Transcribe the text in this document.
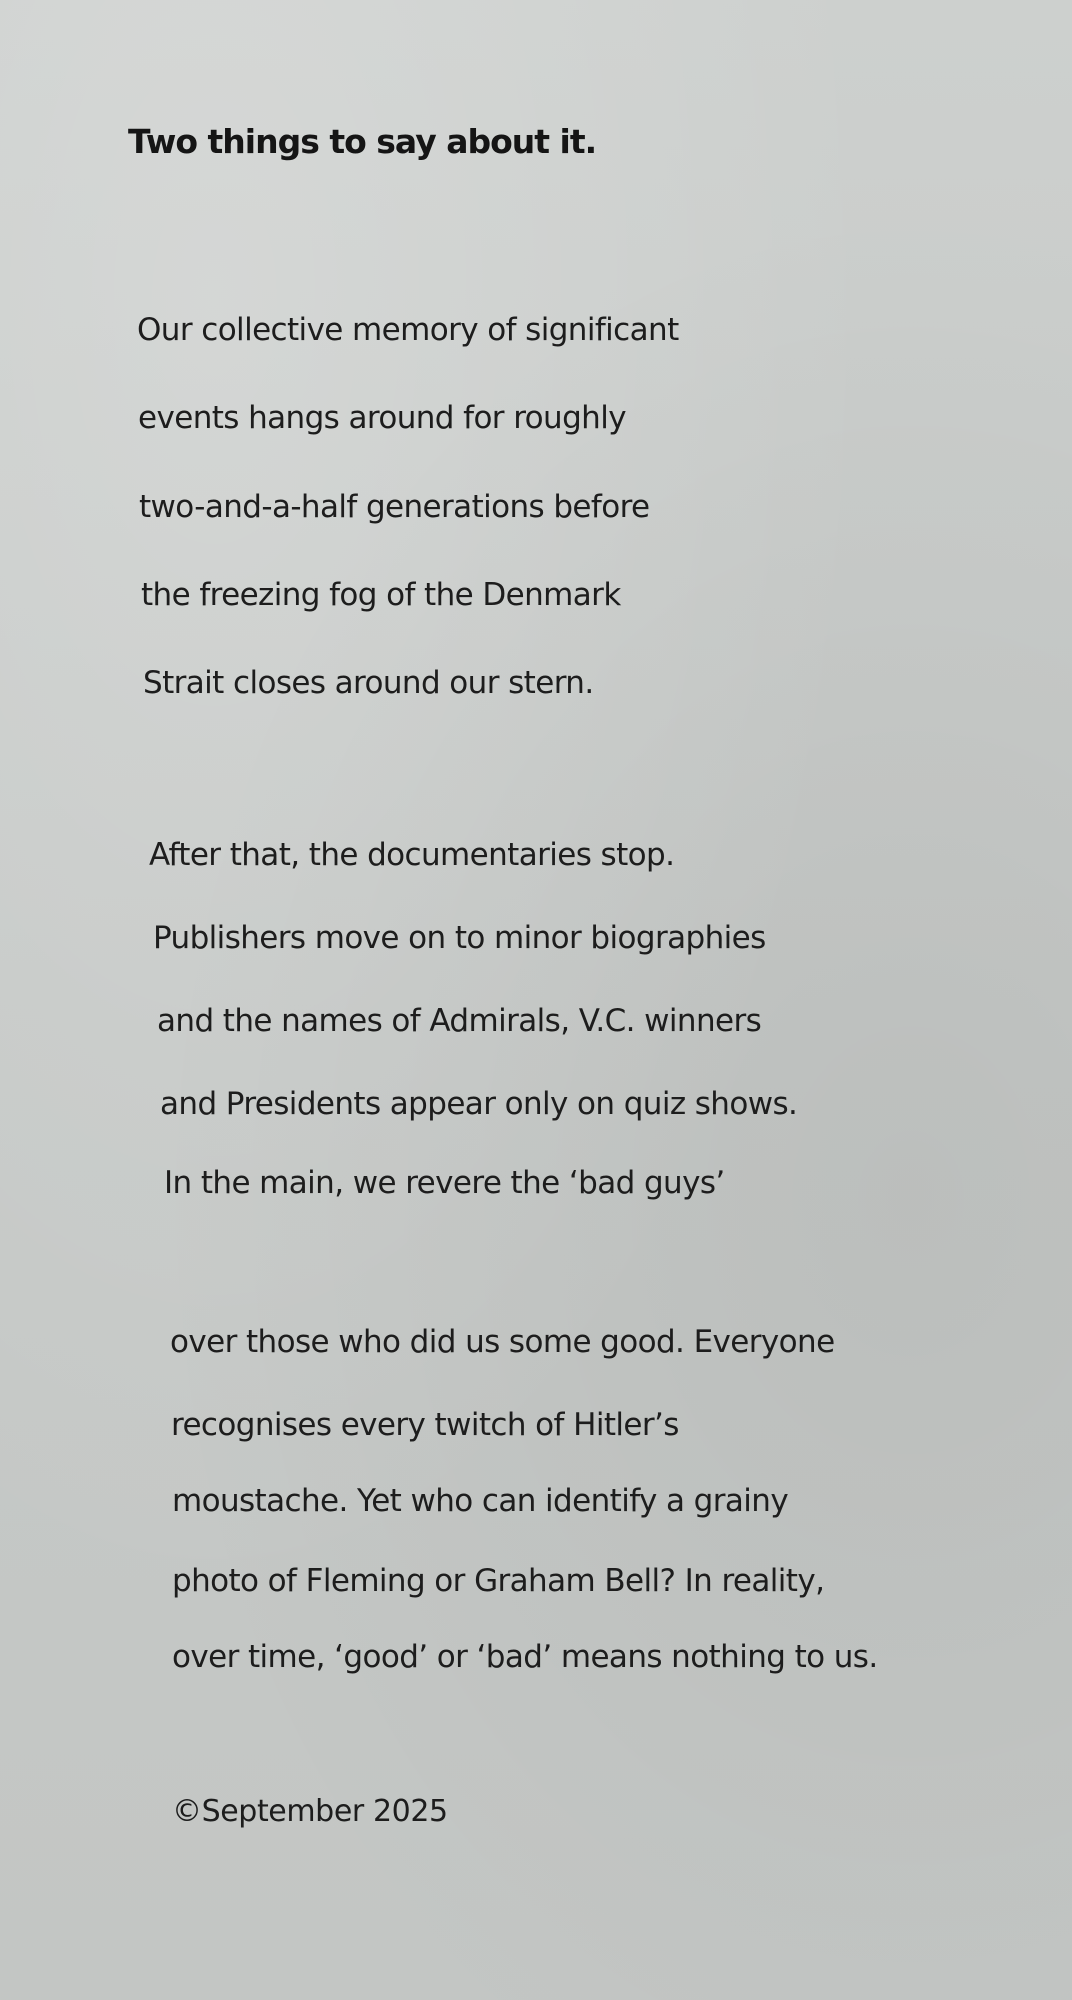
Two things to say about it.
Our collective memory of significant
events hangs around for roughly
two-and-a-half generations before
the freezing fog of the Denmark
Strait closes around our stern.
After that, the documentaries stop.
Publishers move on to minor biographies
and the names of Admirals, V.C. winners
and Presidents appear only on quiz shows.
In the main, we revere the ‘bad guys’
over those who did us some good. Everyone
recognises every twitch of Hitler’s
moustache. Yet who can identify a grainy
photo of Fleming or Graham Bell? In reality,
over time, ‘good’ or ‘bad’ means nothing to us.
©September 2025
